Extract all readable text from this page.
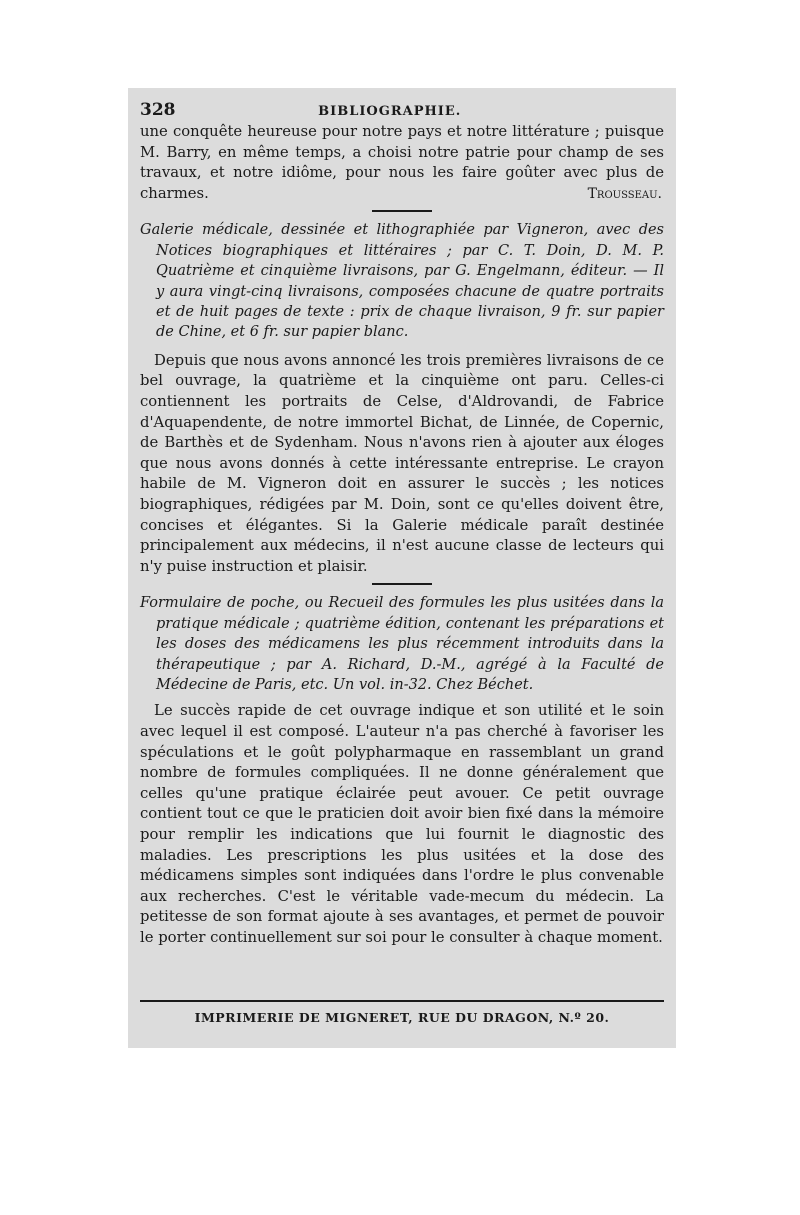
328	BIBLIOGRAPHIE.

une conquête heureuse pour notre pays et notre littérature ; puisque M. Barry, en même temps, a choisi notre patrie pour champ de ses travaux, et notre idiôme, pour nous les faire goûter avec plus de charmes.	Trousseau.

Galerie médicale, dessinée et lithographiée par Vigneron, avec des Notices biographiques et littéraires ; par C. T. Doin, D. M. P. Quatrième et cinquième livraisons, par G. Engelmann, éditeur. — Il y aura vingt-cinq livraisons, composées chacune de quatre portraits et de huit pages de texte : prix de chaque livraison, 9 fr. sur papier de Chine, et 6 fr. sur papier blanc.

Depuis que nous avons annoncé les trois premières livraisons de ce bel ouvrage, la quatrième et la cinquième ont paru. Celles-ci contiennent les portraits de Celse, d'Aldrovandi, de Fabrice d'Aquapendente, de notre immortel Bichat, de Linnée, de Copernic, de Barthès et de Sydenham. Nous n'avons rien à ajouter aux éloges que nous avons donnés à cette intéressante entreprise. Le crayon habile de M. Vigneron doit en assurer le succès ; les notices biographiques, rédigées par M. Doin, sont ce qu'elles doivent être, concises et élégantes. Si la Galerie médicale paraît destinée principalement aux médecins, il n'est aucune classe de lecteurs qui n'y puise instruction et plaisir.

Formulaire de poche, ou Recueil des formules les plus usitées dans la pratique médicale ; quatrième édition, contenant les préparations et les doses des médicamens les plus récemment introduits dans la thérapeutique ; par A. Richard, D.-M., agrégé à la Faculté de Médecine de Paris, etc. Un vol. in-32. Chez Béchet.

Le succès rapide de cet ouvrage indique et son utilité et le soin avec lequel il est composé. L'auteur n'a pas cherché à favoriser les spéculations et le goût polypharmaque en rassemblant un grand nombre de formules compliquées. Il ne donne généralement que celles qu'une pratique éclairée peut avouer. Ce petit ouvrage contient tout ce que le praticien doit avoir bien fixé dans la mémoire pour remplir les indications que lui fournit le diagnostic des maladies. Les prescriptions les plus usitées et la dose des médicamens simples sont indiquées dans l'ordre le plus convenable aux recherches. C'est le véritable vade-mecum du médecin. La petitesse de son format ajoute à ses avantages, et permet de pouvoir le porter continuellement sur soi pour le consulter à chaque moment.

IMPRIMERIE DE MIGNERET, RUE DU DRAGON, N.º 20.
